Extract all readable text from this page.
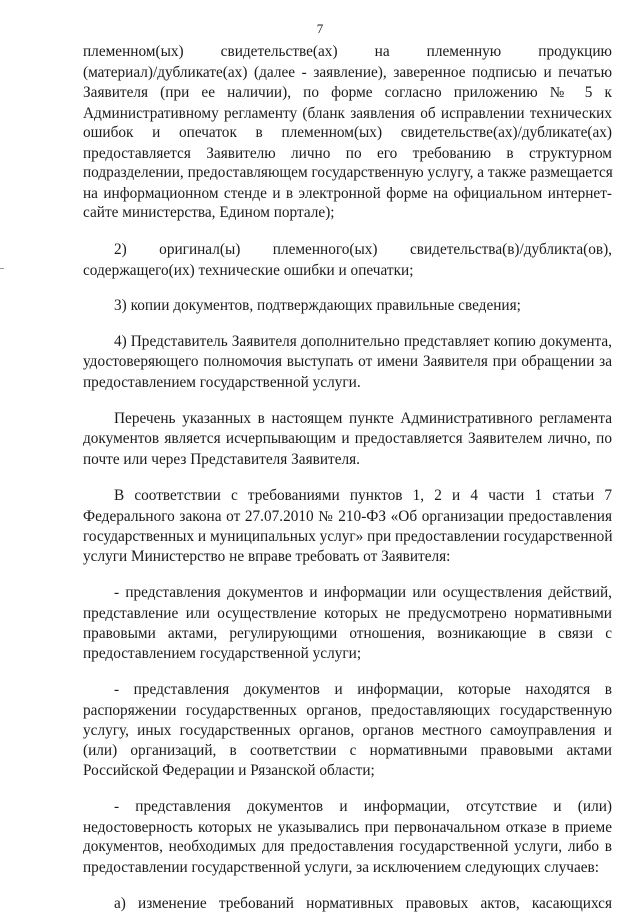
7
племенном(ых) свидетельстве(ах) на племенную продукцию
(материал)/дубликате(ах) (далее - заявление), заверенное подписью и печатью
Заявителя (при ее наличии), по форме согласно приложению № 5 к
Административному регламенту (бланк заявления об исправлении технических
ошибок и опечаток в племенном(ых) свидетельстве(ах)/дубликате(ах)
предоставляется Заявителю лично по его требованию в структурном
подразделении, предоставляющем государственную услугу, а также размещается
на информационном стенде и в электронной форме на официальном интернет-
сайте министерства, Едином портале);
2) оригинал(ы) племенного(ых) свидетельства(в)/дубликта(ов),
содержащего(их) технические ошибки и опечатки;
3) копии документов, подтверждающих правильные сведения;
4) Представитель Заявителя дополнительно представляет копию документа,
удостоверяющего полномочия выступать от имени Заявителя при обращении за
предоставлением государственной услуги.
Перечень указанных в настоящем пункте Административного регламента
документов является исчерпывающим и предоставляется Заявителем лично, по
почте или через Представителя Заявителя.
В соответствии с требованиями пунктов 1, 2 и 4 части 1 статьи 7
Федерального закона от 27.07.2010 № 210-ФЗ «Об организации предоставления
государственных и муниципальных услуг» при предоставлении государственной
услуги Министерство не вправе требовать от Заявителя:
- представления документов и информации или осуществления действий,
представление или осуществление которых не предусмотрено нормативными
правовыми актами, регулирующими отношения, возникающие в связи с
предоставлением государственной услуги;
- представления документов и информации, которые находятся в
распоряжении государственных органов, предоставляющих государственную
услугу, иных государственных органов, органов местного самоуправления и
(или) организаций, в соответствии с нормативными правовыми актами
Российской Федерации и Рязанской области;
- представления документов и информации, отсутствие и (или)
недостоверность которых не указывались при первоначальном отказе в приеме
документов, необходимых для предоставления государственной услуги, либо в
предоставлении государственной услуги, за исключением следующих случаев:
а) изменение требований нормативных правовых актов, касающихся
